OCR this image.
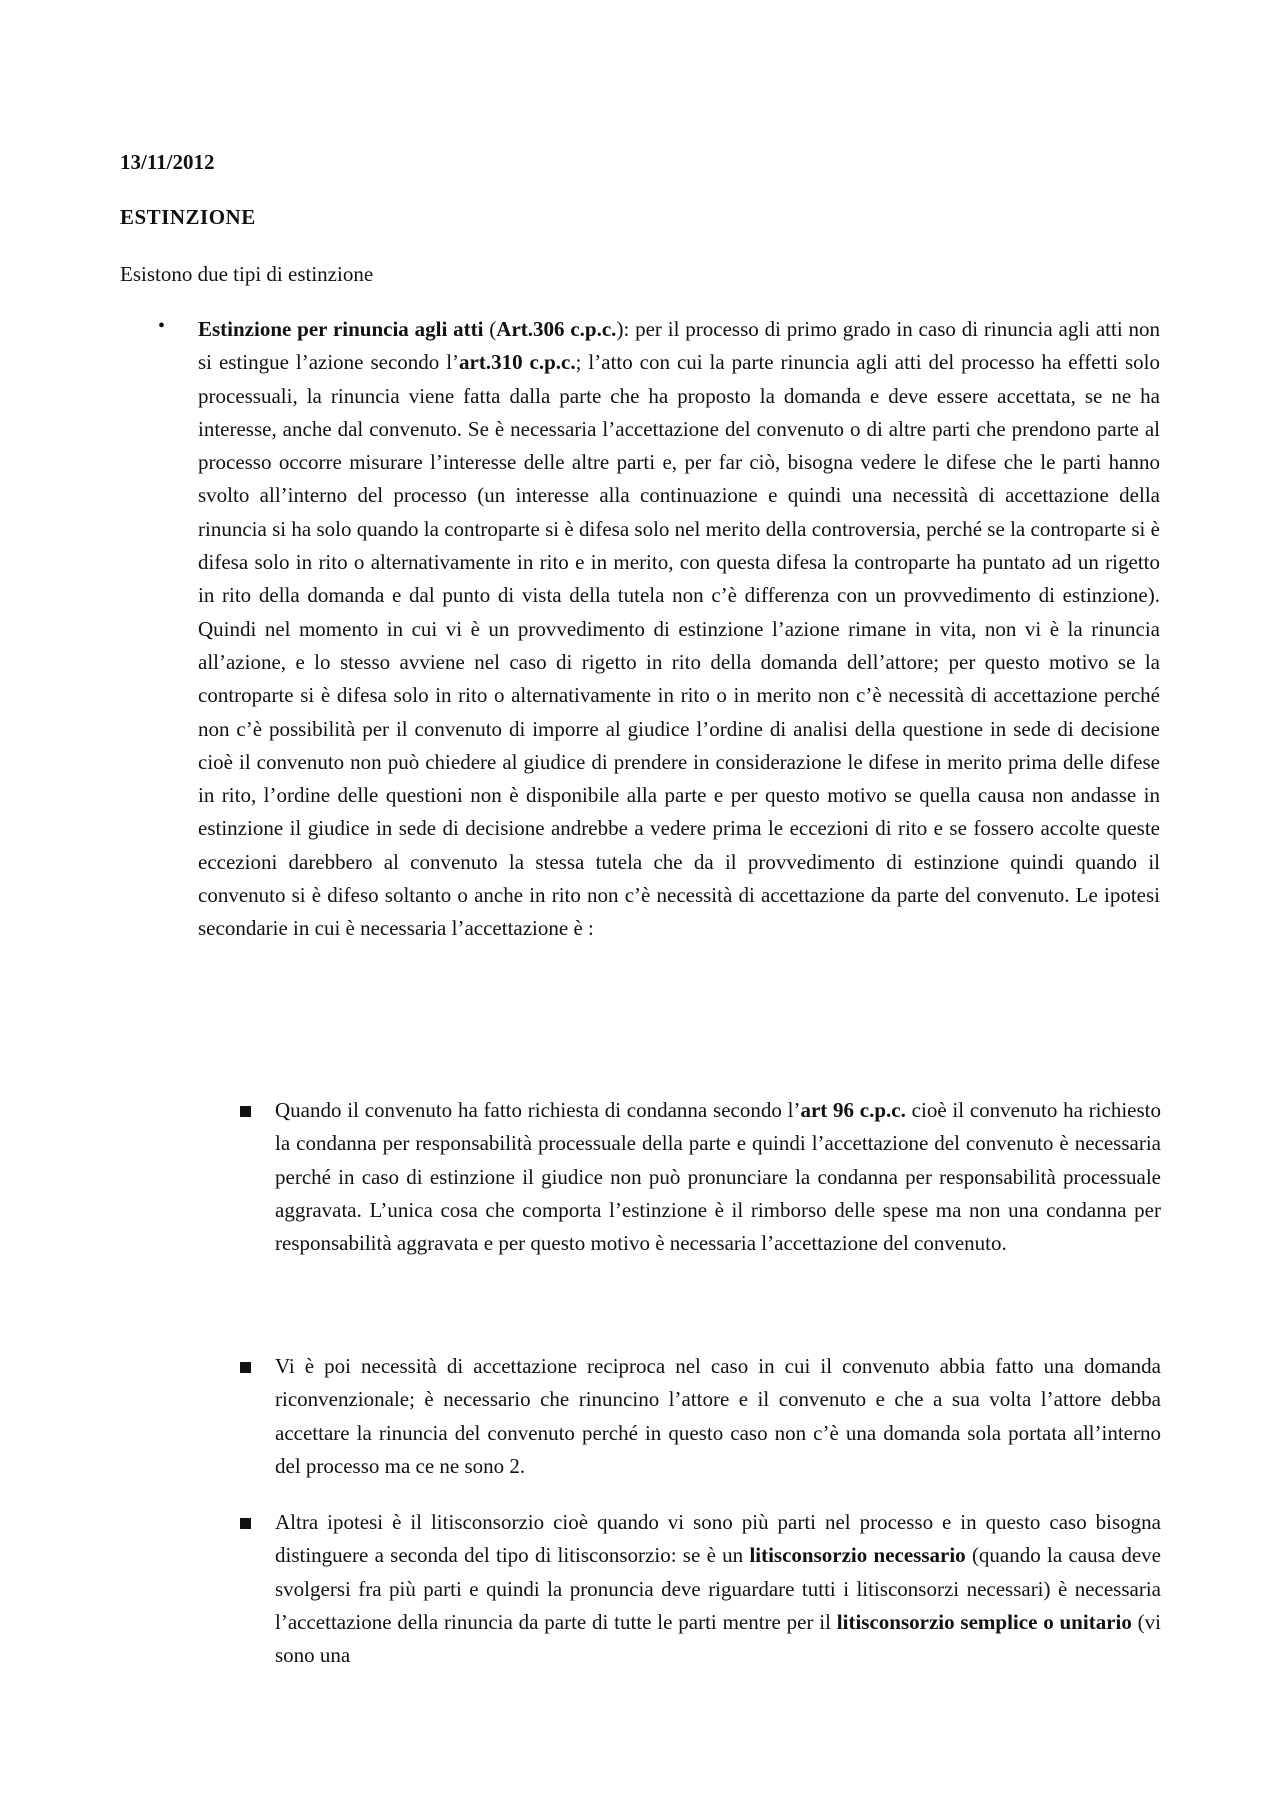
13/11/2012

ESTINZIONE

Esistono due tipi di estinzione

• Estinzione per rinuncia agli atti (Art.306 c.p.c.): per il processo di primo grado in caso di rinuncia agli atti non si estingue l’azione secondo l’art.310 c.p.c.; l’atto con cui la parte rinuncia agli atti del processo ha effetti solo processuali, la rinuncia viene fatta dalla parte che ha proposto la domanda e deve essere accettata, se ne ha interesse, anche dal convenuto. Se è necessaria l’accettazione del convenuto o di altre parti che prendono parte al processo occorre misurare l’interesse delle altre parti e, per far ciò, bisogna vedere le difese che le parti hanno svolto all’interno del processo (un interesse alla continuazione e quindi una necessità di accettazione della rinuncia si ha solo quando la controparte si è difesa solo nel merito della controversia, perché se la controparte si è difesa solo in rito o alternativamente in rito e in merito, con questa difesa la controparte ha puntato ad un rigetto in rito della domanda e dal punto di vista della tutela non c’è differenza con un provvedimento di estinzione). Quindi nel momento in cui vi è un provvedimento di estinzione l’azione rimane in vita, non vi è la rinuncia all’azione, e lo stesso avviene nel caso di rigetto in rito della domanda dell’attore; per questo motivo se la controparte si è difesa solo in rito o alternativamente in rito o in merito non c’è necessità di accettazione perché non c’è possibilità per il convenuto di imporre al giudice l’ordine di analisi della questione in sede di decisione cioè il convenuto non può chiedere al giudice di prendere in considerazione le difese in merito prima delle difese in rito, l’ordine delle questioni non è disponibile alla parte e per questo motivo se quella causa non andasse in estinzione il giudice in sede di decisione andrebbe a vedere prima le eccezioni di rito e se fossero accolte queste eccezioni darebbero al convenuto la stessa tutela che da il provvedimento di estinzione quindi quando il convenuto si è difeso soltanto o anche in rito non c’è necessità di accettazione da parte del convenuto. Le ipotesi secondarie in cui è necessaria l’accettazione è :

Quando il convenuto ha fatto richiesta di condanna secondo l’art 96 c.p.c. cioè il convenuto ha richiesto la condanna per responsabilità processuale della parte e quindi l’accettazione del convenuto è necessaria perché in caso di estinzione il giudice non può pronunciare la condanna per responsabilità processuale aggravata. L’unica cosa che comporta l’estinzione è il rimborso delle spese ma non una condanna per responsabilità aggravata e per questo motivo è necessaria l’accettazione del convenuto.

Vi è poi necessità di accettazione reciproca nel caso in cui il convenuto abbia fatto una domanda riconvenzionale; è necessario che rinuncino l’attore e il convenuto e che a sua volta l’attore debba accettare la rinuncia del convenuto perché in questo caso non c’è una domanda sola portata all’interno del processo ma ce ne sono 2.

Altra ipotesi è il litisconsorzio cioè quando vi sono più parti nel processo e in questo caso bisogna distinguere a seconda del tipo di litisconsorzio: se è un litisconsorzio necessario (quando la causa deve svolgersi fra più parti e quindi la pronuncia deve riguardare tutti i litisconsorzi necessari) è necessaria l’accettazione della rinuncia da parte di tutte le parti mentre per il litisconsorzio semplice o unitario (vi sono una
